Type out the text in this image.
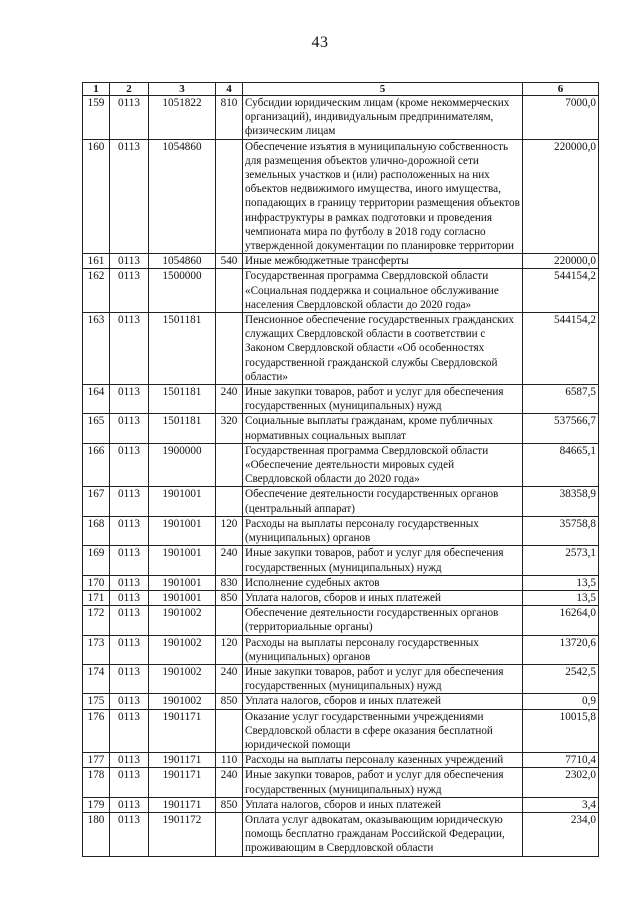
43
1	2	3	4	5	6
159	0113	1051822	810	Субсидии юридическим лицам (кроме некоммерческих организаций), индивидуальным предпринимателям, физическим лицам	7000,0
160	0113	1054860		Обеспечение изъятия в муниципальную собственность для размещения объектов улично-дорожной сети земельных участков и (или) расположенных на них объектов недвижимого имущества, иного имущества, попадающих в границу территории размещения объектов инфраструктуры в рамках подготовки и проведения чемпионата мира по футболу в 2018 году согласно утвержденной документации по планировке территории	220000,0
161	0113	1054860	540	Иные межбюджетные трансферты	220000,0
162	0113	1500000		Государственная программа Свердловской области «Социальная поддержка и социальное обслуживание населения Свердловской области до 2020 года»	544154,2
163	0113	1501181		Пенсионное обеспечение государственных гражданских служащих Свердловской области в соответствии с Законом Свердловской области «Об особенностях государственной гражданской службы Свердловской области»	544154,2
164	0113	1501181	240	Иные закупки товаров, работ и услуг для обеспечения государственных (муниципальных) нужд	6587,5
165	0113	1501181	320	Социальные выплаты гражданам, кроме публичных нормативных социальных выплат	537566,7
166	0113	1900000		Государственная программа Свердловской области «Обеспечение деятельности мировых судей Свердловской области до 2020 года»	84665,1
167	0113	1901001		Обеспечение деятельности государственных органов (центральный аппарат)	38358,9
168	0113	1901001	120	Расходы на выплаты персоналу государственных (муниципальных) органов	35758,8
169	0113	1901001	240	Иные закупки товаров, работ и услуг для обеспечения государственных (муниципальных) нужд	2573,1
170	0113	1901001	830	Исполнение судебных актов	13,5
171	0113	1901001	850	Уплата налогов, сборов и иных платежей	13,5
172	0113	1901002		Обеспечение деятельности государственных органов (территориальные органы)	16264,0
173	0113	1901002	120	Расходы на выплаты персоналу государственных (муниципальных) органов	13720,6
174	0113	1901002	240	Иные закупки товаров, работ и услуг для обеспечения государственных (муниципальных) нужд	2542,5
175	0113	1901002	850	Уплата налогов, сборов и иных платежей	0,9
176	0113	1901171		Оказание услуг государственными учреждениями Свердловской области в сфере оказания бесплатной юридической помощи	10015,8
177	0113	1901171	110	Расходы на выплаты персоналу казенных учреждений	7710,4
178	0113	1901171	240	Иные закупки товаров, работ и услуг для обеспечения государственных (муниципальных) нужд	2302,0
179	0113	1901171	850	Уплата налогов, сборов и иных платежей	3,4
180	0113	1901172		Оплата услуг адвокатам, оказывающим юридическую помощь бесплатно гражданам Российской Федерации, проживающим в Свердловской области	234,0
